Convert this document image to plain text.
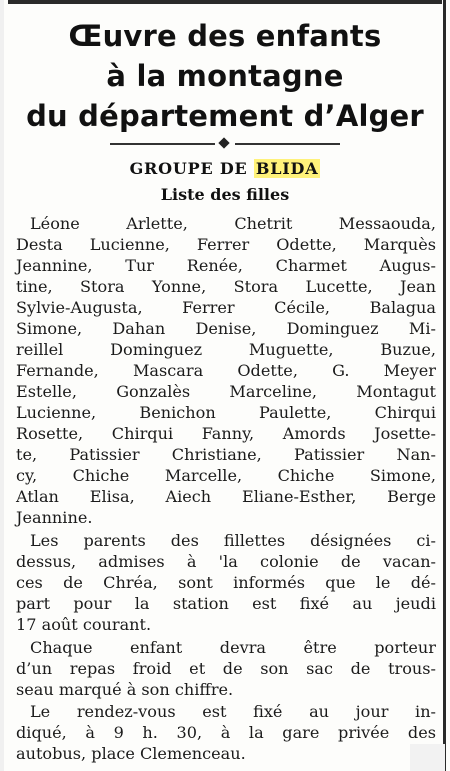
Œuvre des enfants
à la montagne
du département d’Alger
GROUPE DE BLIDA
Liste des filles
Léone Arlette, Chetrit Messaouda,
Desta Lucienne, Ferrer Odette, Marquès
Jeannine, Tur Renée, Charmet Augus-
tine, Stora Yonne, Stora Lucette, Jean
Sylvie-Augusta, Ferrer Cécile, Balagua
Simone, Dahan Denise, Dominguez Mi-
reillel Dominguez Muguette, Buzue,
Fernande, Mascara Odette, G. Meyer
Estelle, Gonzalès Marceline, Montagut
Lucienne, Benichon Paulette, Chirqui
Rosette, Chirqui Fanny, Amords Josette-
te, Patissier Christiane, Patissier Nan-
cy, Chiche Marcelle, Chiche Simone,
Atlan Elisa, Aiech Eliane-Esther, Berge
Jeannine.
Les parents des fillettes désignées ci-
dessus, admises à 'la colonie de vacan-
ces de Chréa, sont informés que le dé-
part pour la station est fixé au jeudi
17 août courant.
Chaque enfant devra être porteur
d’un repas froid et de son sac de trous-
seau marqué à son chiffre.
Le rendez-vous est fixé au jour in-
diqué, à 9 h. 30, à la gare privée des
autobus, place Clemenceau.
